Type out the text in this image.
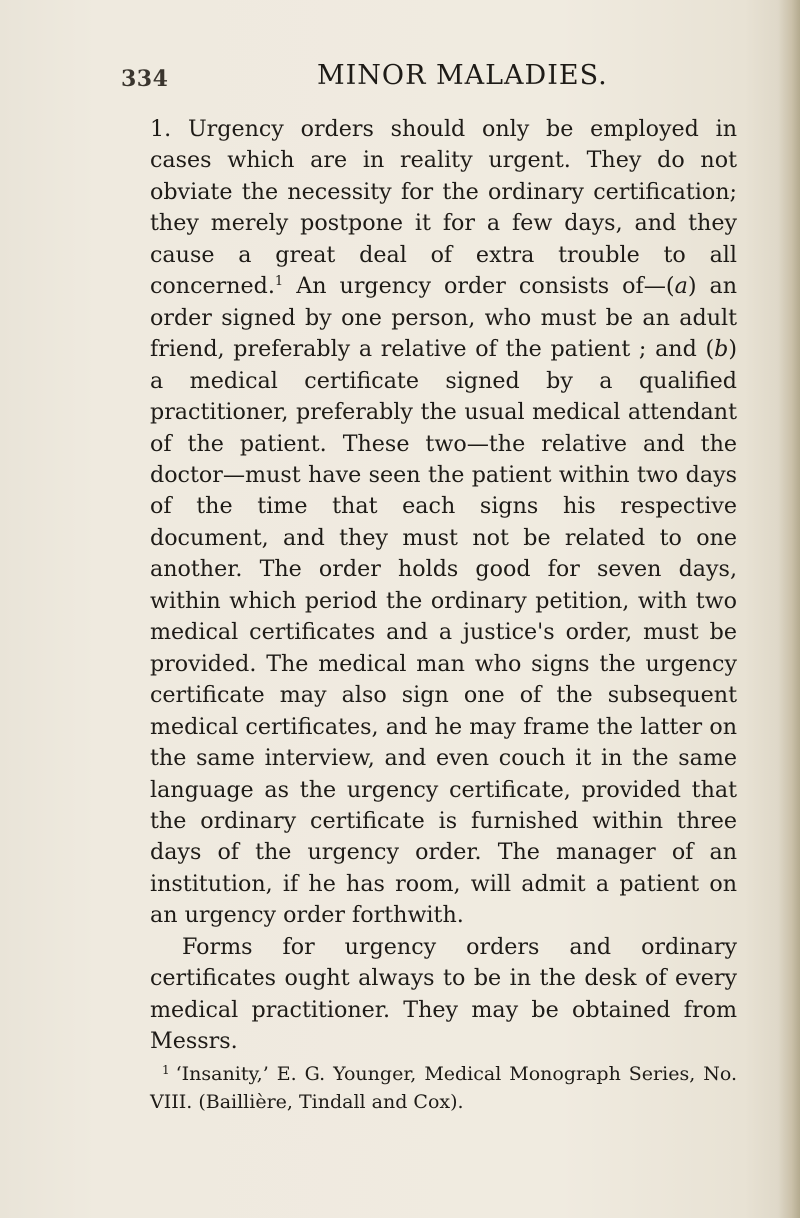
334	MINOR MALADIES.

1. Urgency orders should only be employed in cases which are in reality urgent. They do not obviate the necessity for the ordinary certification; they merely postpone it for a few days, and they cause a great deal of extra trouble to all concerned.$^1$ An urgency order consists of—(a) an order signed by one person, who must be an adult friend, preferably a relative of the patient ; and (b) a medical certificate signed by a qualified practitioner, preferably the usual medical attendant of the patient. These two—the relative and the doctor—must have seen the patient within two days of the time that each signs his respective document, and they must not be related to one another. The order holds good for seven days, within which period the ordinary petition, with two medical certificates and a justice's order, must be provided. The medical man who signs the urgency certificate may also sign one of the subsequent medical certificates, and he may frame the latter on the same interview, and even couch it in the same language as the urgency certificate, provided that the ordinary certificate is furnished within three days of the urgency order. The manager of an institution, if he has room, will admit a patient on an urgency order forthwith.

Forms for urgency orders and ordinary certificates ought always to be in the desk of every medical practitioner. They may be obtained from Messrs.

$^1$ ‘Insanity,’ E. G. Younger, Medical Monograph Series, No. VIII. (Baillière, Tindall and Cox).
